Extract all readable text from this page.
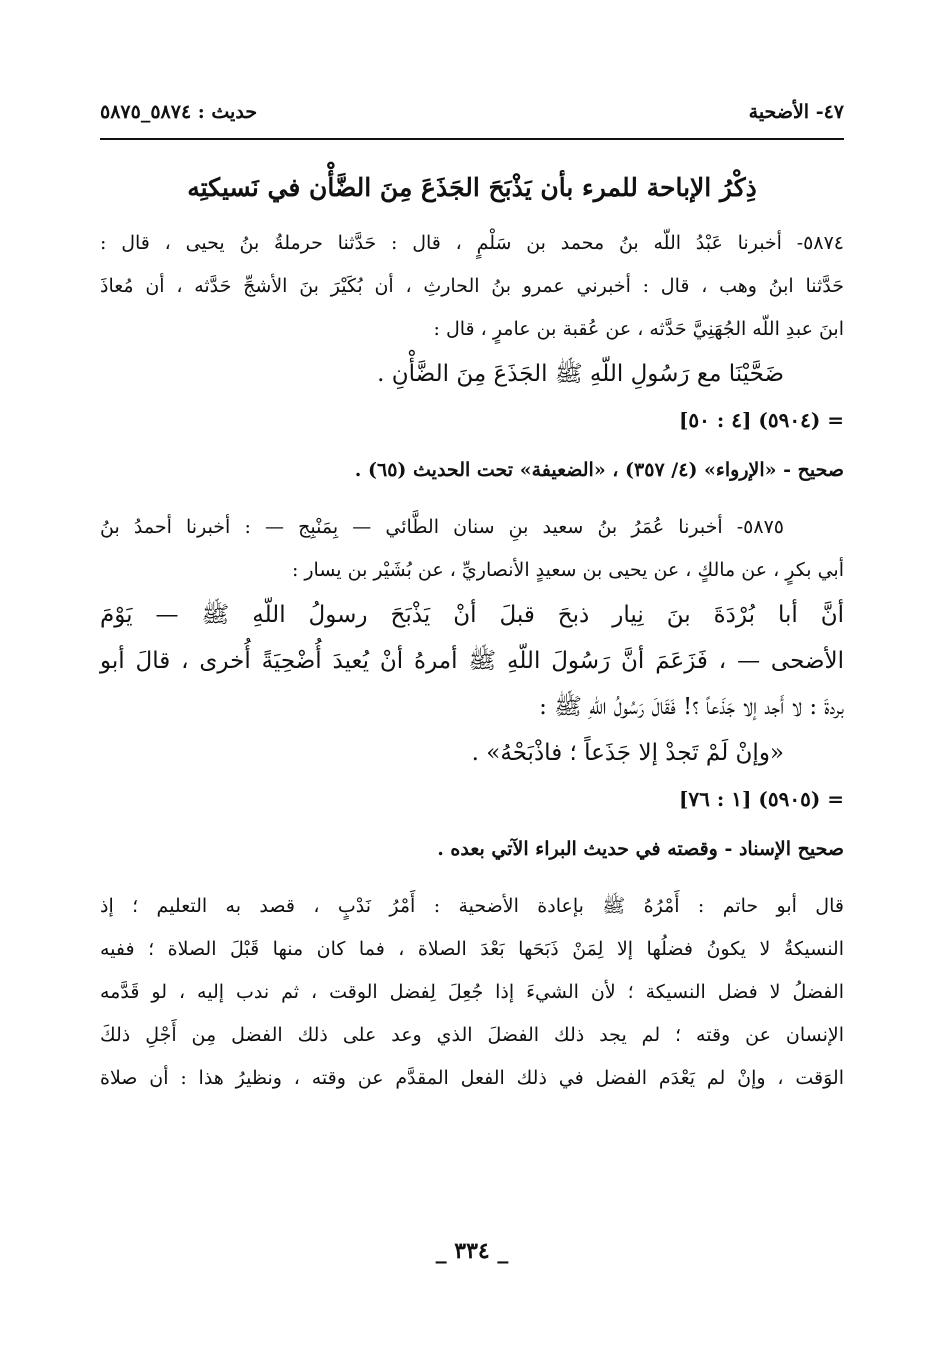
٤٧- الأضحية
حديث : ٥٨٧٤_٥٨٧٥
ذِكْرُ الإباحة للمرء بأن يَذْبَحَ الجَذَعَ مِنَ الضَّأْن في نَسيكتِه

٥٨٧٤- أخبرنا عَبْدُ اللّه بنُ محمد بن سَلْمٍ ، قال : حَدَّثنا حرملةُ بنُ يحيى ، قال :

حَدَّثنا ابنُ وهب ، قال : أخبرني عمرو بنُ الحارثِ ، أن بُكَيْرَ بنَ الأشجِّ حَدَّثه ، أن مُعاذَ

ابنَ عبدِ اللّه الجُهَنِيَّ حَدَّثه ، عن عُقبة بن عامرٍ ، قال :

ضَحَّيْنَا مع رَسُولِ اللّهِ ﷺ الجَذَعَ مِنَ الضَّأْنِ .

= (٥٩٠٤) [٤ : ٥٠]

صحيح - «الإرواء» (٤/ ٣٥٧) ، «الضعيفة» تحت الحديث (٦٥) .

٥٨٧٥- أخبرنا عُمَرُ بنُ سعيد بنِ سنان الطَّائي — بِمَنْبِج — : أخبرنا أحمدُ بنُ

أبي بكرٍ ، عن مالكٍ ، عن يحيى بن سعيدٍ الأنصاريِّ ، عن بُشَيْر بن يسار :

أنَّ أبا بُرْدَةَ بنَ نِيار ذبحَ قبلَ أنْ يَذْبَحَ رسولُ اللّهِ ﷺ — يَوْمَ

الأضحى — ، فَزَعَمَ أنَّ رَسُولَ اللّهِ ﷺ أمرهُ أنْ يُعيدَ أُضْحِيَةً أُخرى ، قالَ أبو

بردةَ : لا أَجد إلا جَذَعاً ؟! فَقَالَ رَسُولُ اللّهِ ﷺ :

«وإنْ لَمْ تَجدْ إلا جَذَعاً ؛ فاذْبَحْهُ» .

= (٥٩٠٥) [١ : ٧٦]

صحيح الإسناد - وقصته في حديث البراء الآتي بعده .

قال أبو حاتم : أَمْرُهُ ﷺ بإعادة الأضحية : أَمْرُ نَدْبٍ ، قصد به التعليم ؛ إذ

النسيكةُ لا يكونُ فضلُها إلا لِمَنْ ذَبَحَها بَعْدَ الصلاة ، فما كان منها قَبْلَ الصلاة ؛ ففيه

الفضلُ لا فضل النسيكة ؛ لأن الشيءَ إذا جُعِلَ لِفضل الوقت ، ثم ندب إليه ، لو قَدَّمه

الإنسان عن وقته ؛ لم يجد ذلك الفضلَ الذي وعد على ذلك الفضل مِن أَجْلِ ذلكَ

الوَقت ، وإنْ لم يَعْدَم الفضل في ذلك الفعل المقدَّم عن وقته ، ونظيرُ هذا : أن صلاة

_ ٣٣٤ _
